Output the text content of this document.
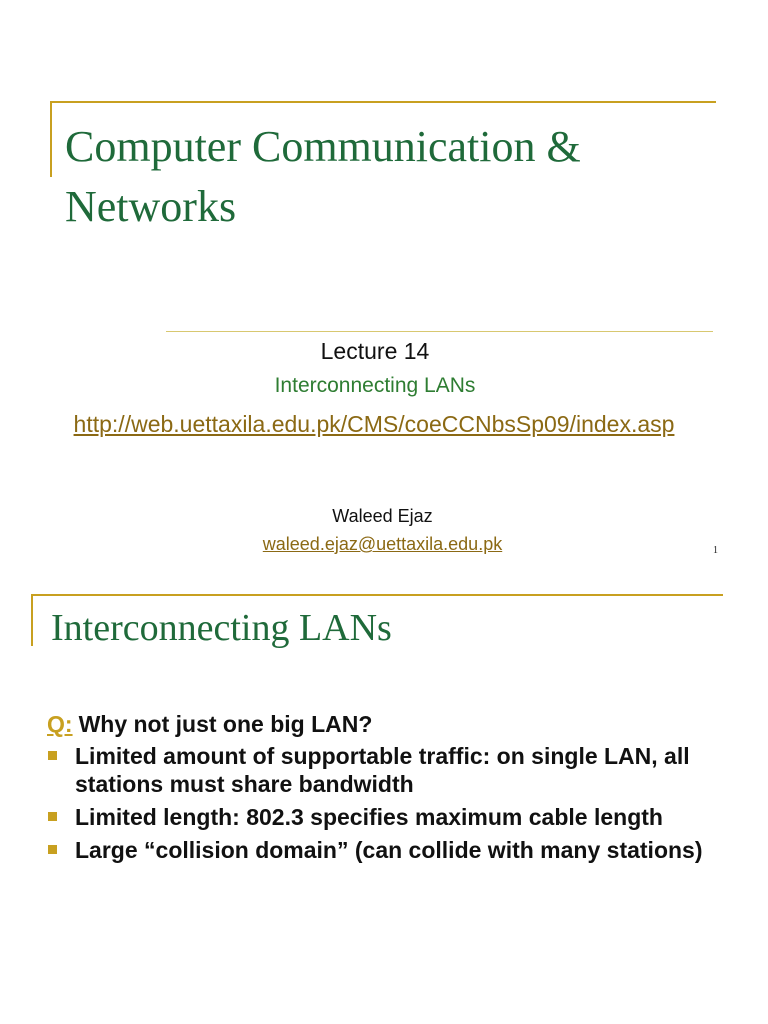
Computer Communication & Networks

Lecture 14

Interconnecting LANs

http://web.uettaxila.edu.pk/CMS/coeCCNbsSp09/index.asp

Waleed Ejaz

waleed.ejaz@uettaxila.edu.pk	1
Interconnecting LANs

Q: Why not just one big LAN?

Limited amount of supportable traffic: on single LAN, all stations must share bandwidth
Limited length: 802.3 specifies maximum cable length
Large “collision domain” (can collide with many stations)
